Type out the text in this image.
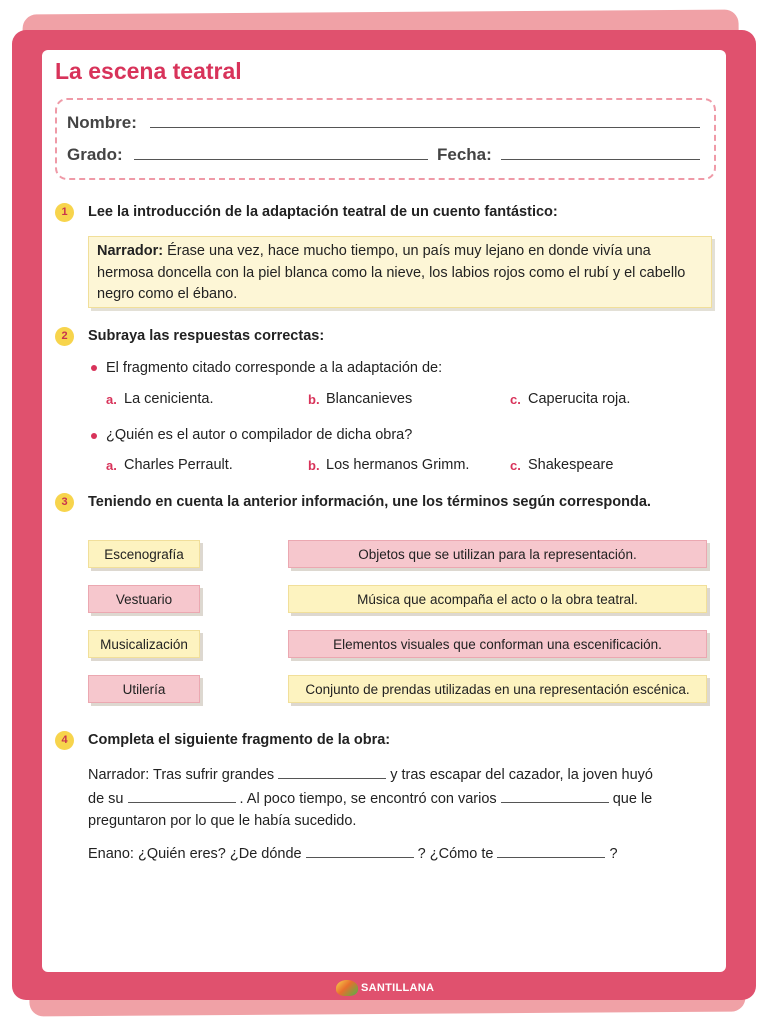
La escena teatral
Nombre:
Grado:	Fecha:
1	Lee la introducción de la adaptación teatral de un cuento fantástico:
Narrador: Érase una vez, hace mucho tiempo, un país muy lejano en donde vivía una hermosa doncella con la piel blanca como la nieve, los labios rojos como el rubí y el cabello negro como el ébano.
2	Subraya las respuestas correctas:
El fragmento citado corresponde a la adaptación de:
a. La cenicienta.	b. Blancanieves	c. Caperucita roja.
¿Quién es el autor o compilador de dicha obra?
a. Charles Perrault.	b. Los hermanos Grimm.	c. Shakespeare
3	Teniendo en cuenta la anterior información, une los términos según corresponda.
Escenografía
Vestuario
Musicalización
Utilería
Objetos que se utilizan para la representación.
Música que acompaña el acto o la obra teatral.
Elementos visuales que conforman una escenificación.
Conjunto de prendas utilizadas en una representación escénica.
4	Completa el siguiente fragmento de la obra:
Narrador: Tras sufrir grandes	y tras escapar del cazador, la joven huyó
de su	. Al poco tiempo, se encontró con varios	que le
preguntaron por lo que le había sucedido.
Enano: ¿Quién eres? ¿De dónde	? ¿Cómo te	?
SANTILLANA
